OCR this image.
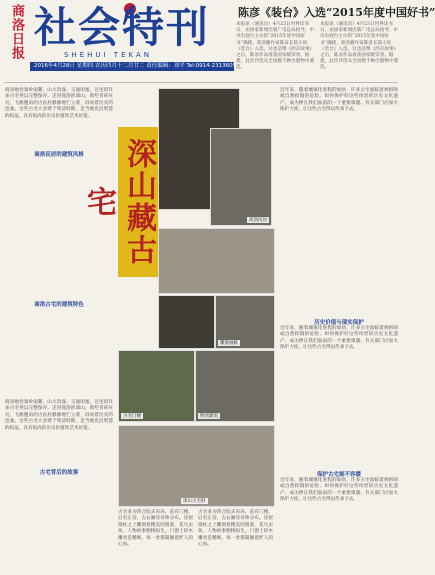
商洛日报 社会特刊
SHEHUI TEKAN
2016年4月28日 星期四 农历四月十二月廿二 责任编辑：刘平 Tel:0914-2313605
陈彦《装台》入选“2015年度中国好书”
本报讯（通讯员）4月23日世界读书日，由国家新闻出版广电总局指导、中央电视台主办的“2015年度中国好书”揭晓。商洛籍作家陈彦长篇小说《装台》入选，这也是继《西京故事》之后，陈彦作品再获国家级荣誉。据悉，此次评选从全国数千种出版物中遴选。
本报讯（通讯员）4月23日世界读书日，由国家新闻出版广电总局指导、中央电视台主办的“2015年度中国好书”揭晓。商洛籍作家陈彦长篇小说《装台》入选，这也是继《西京故事》之后，陈彦作品再获国家级荣誉。据悉，此次评选从全国数千种出版物中遴选。
商洛地处秦岭南麓，山大沟深，交通闭塞，这里的许多古宅得以完整保存。走进商洛的深山，那些青砖灰瓦、飞檐翘角的古民居静静地伫立着，诉说着历史的沧桑。这些古宅大多建于明清时期，是当地先民智慧的结晶，具有很高的历史价值和艺术价值。
商洛民居的建筑风格
商洛古宅的建筑特色
商洛地处秦岭南麓，山大沟深，交通闭塞，这里的许多古宅得以完整保存。走进商洛的深山，那些青砖灰瓦、飞檐翘角的古民居静静地伫立着，诉说着历史的沧桑。这些古宅大多建于明清时期，是当地先民智慧的结晶，具有很高的历史价值和艺术价值。
古宅背后的故事
深山藏古宅
商洛民居
雕梁画栋
古宅门楼	明清建筑
深山古宅群
古宅多为四合院式布局，前有门楼，后有正房，左右厢房对称分布。房屋梁柱之上雕刻着精美的图案，花鸟虫鱼、人物故事栩栩如生。门窗上的木雕更是精细，每一处都凝聚着匠人的心血。
古宅多为四合院式布局，前有门楼，后有正房，左右厢房对称分布。房屋梁柱之上雕刻着精美的图案，花鸟虫鱼、人物故事栩栩如生。门窗上的木雕更是精细，每一处都凝聚着匠人的心血。
近年来，随着城镇化进程的加快，许多古宅面临着被拆除或自然损毁的危险。如何保护好这些珍贵的历史文化遗产，成为摆在我们面前的一个重要课题。有关部门应加大保护力度，让这些古宅得以传承下去。
历史价值与现实保护
近年来，随着城镇化进程的加快，许多古宅面临着被拆除或自然损毁的危险。如何保护好这些珍贵的历史文化遗产，成为摆在我们面前的一个重要课题。有关部门应加大保护力度，让这些古宅得以传承下去。
保护古宅刻不容缓
近年来，随着城镇化进程的加快，许多古宅面临着被拆除或自然损毁的危险。如何保护好这些珍贵的历史文化遗产，成为摆在我们面前的一个重要课题。有关部门应加大保护力度，让这些古宅得以传承下去。
